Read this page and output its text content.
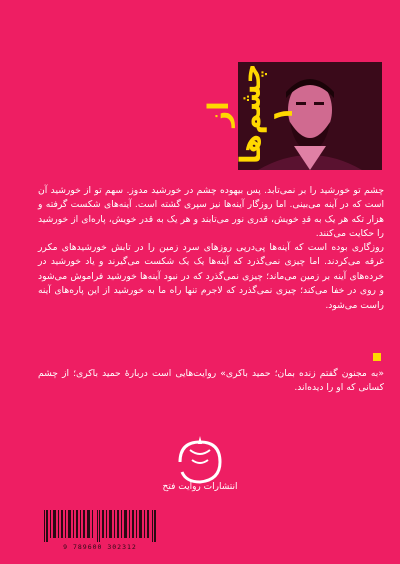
از چشم‌ها ۱
چشم تو خورشید را بر نمی‌تابد. پس بیهوده چشم در خورشید مدوز. سهم تو از خورشید آن است که در آینه می‌بینی. اما روزگار آینه‌ها نیز سپری گشته است. آینه‌های شکست گرفته و هزار تکه هر یک به قدِ خویش، قدری نور می‌تابند و هر یک به قدر خویش، پاره‌ای از خورشید را حکایت می‌کنند.
روزگاری بوده است که آینه‌ها پی‌در‌پی روزهای سرد زمین را در تابش خورشیدهای مکرر غرقه می‌کردند. اما چیزی نمی‌گذرد که آینه‌ها یک یک شکست می‌گیرند و یاد خورشید در خرده‌های آینه بر زمین می‌ماند؛ چیزی نمی‌گذرد که در نبود آینه‌ها خورشید فراموش می‌شود و روی در خفا می‌کند؛ چیزی نمی‌گذرد که لاجرم تنها راه ما به خورشید از این پاره‌های آینه راست می‌شود.
«به مجنون گفتم زنده بمان؛ حمید باکری» روایت‌هایی است دربارهٔ حمید باکری؛ از چشم کسانی که او را دیده‌اند.
انتشارات روایت فتح
9 789600 302312
